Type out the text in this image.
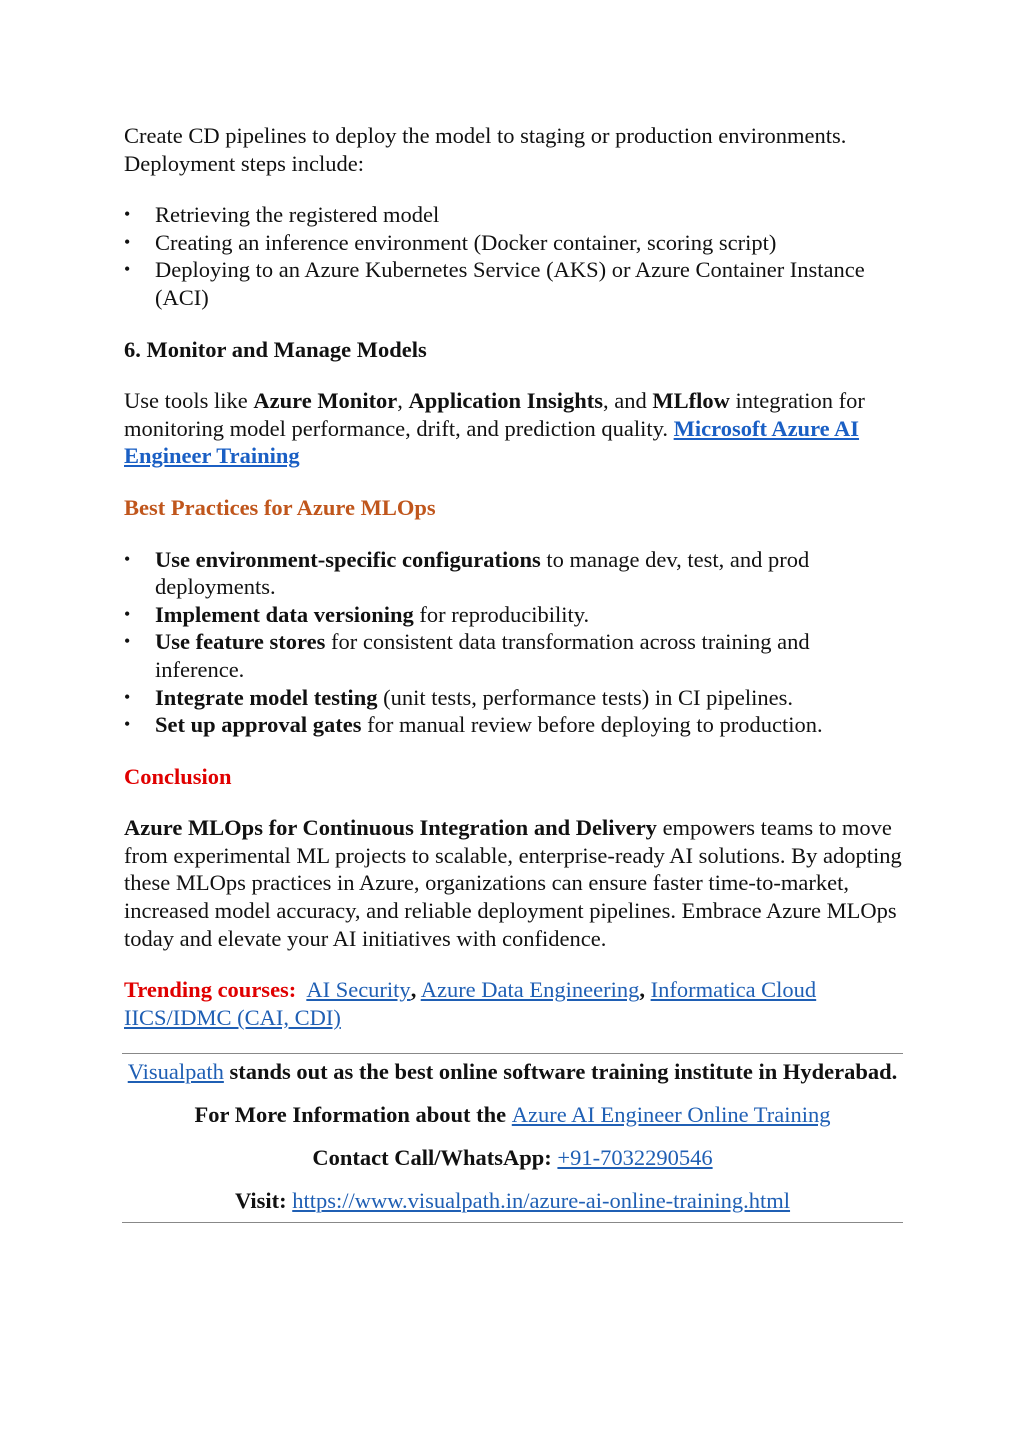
Create CD pipelines to deploy the model to staging or production environments. Deployment steps include:

• Retrieving the registered model
• Creating an inference environment (Docker container, scoring script)
• Deploying to an Azure Kubernetes Service (AKS) or Azure Container Instance (ACI)

6. Monitor and Manage Models

Use tools like Azure Monitor, Application Insights, and MLflow integration for monitoring model performance, drift, and prediction quality. Microsoft Azure AI Engineer Training

Best Practices for Azure MLOps

• Use environment-specific configurations to manage dev, test, and prod deployments.
• Implement data versioning for reproducibility.
• Use feature stores for consistent data transformation across training and inference.
• Integrate model testing (unit tests, performance tests) in CI pipelines.
• Set up approval gates for manual review before deploying to production.

Conclusion

Azure MLOps for Continuous Integration and Delivery empowers teams to move from experimental ML projects to scalable, enterprise-ready AI solutions. By adopting these MLOps practices in Azure, organizations can ensure faster time-to-market, increased model accuracy, and reliable deployment pipelines. Embrace Azure MLOps today and elevate your AI initiatives with confidence.

Trending courses: AI Security, Azure Data Engineering, Informatica Cloud IICS/IDMC (CAI, CDI)

Visualpath stands out as the best online software training institute in Hyderabad.

For More Information about the Azure AI Engineer Online Training

Contact Call/WhatsApp: +91-7032290546

Visit: https://www.visualpath.in/azure-ai-online-training.html
